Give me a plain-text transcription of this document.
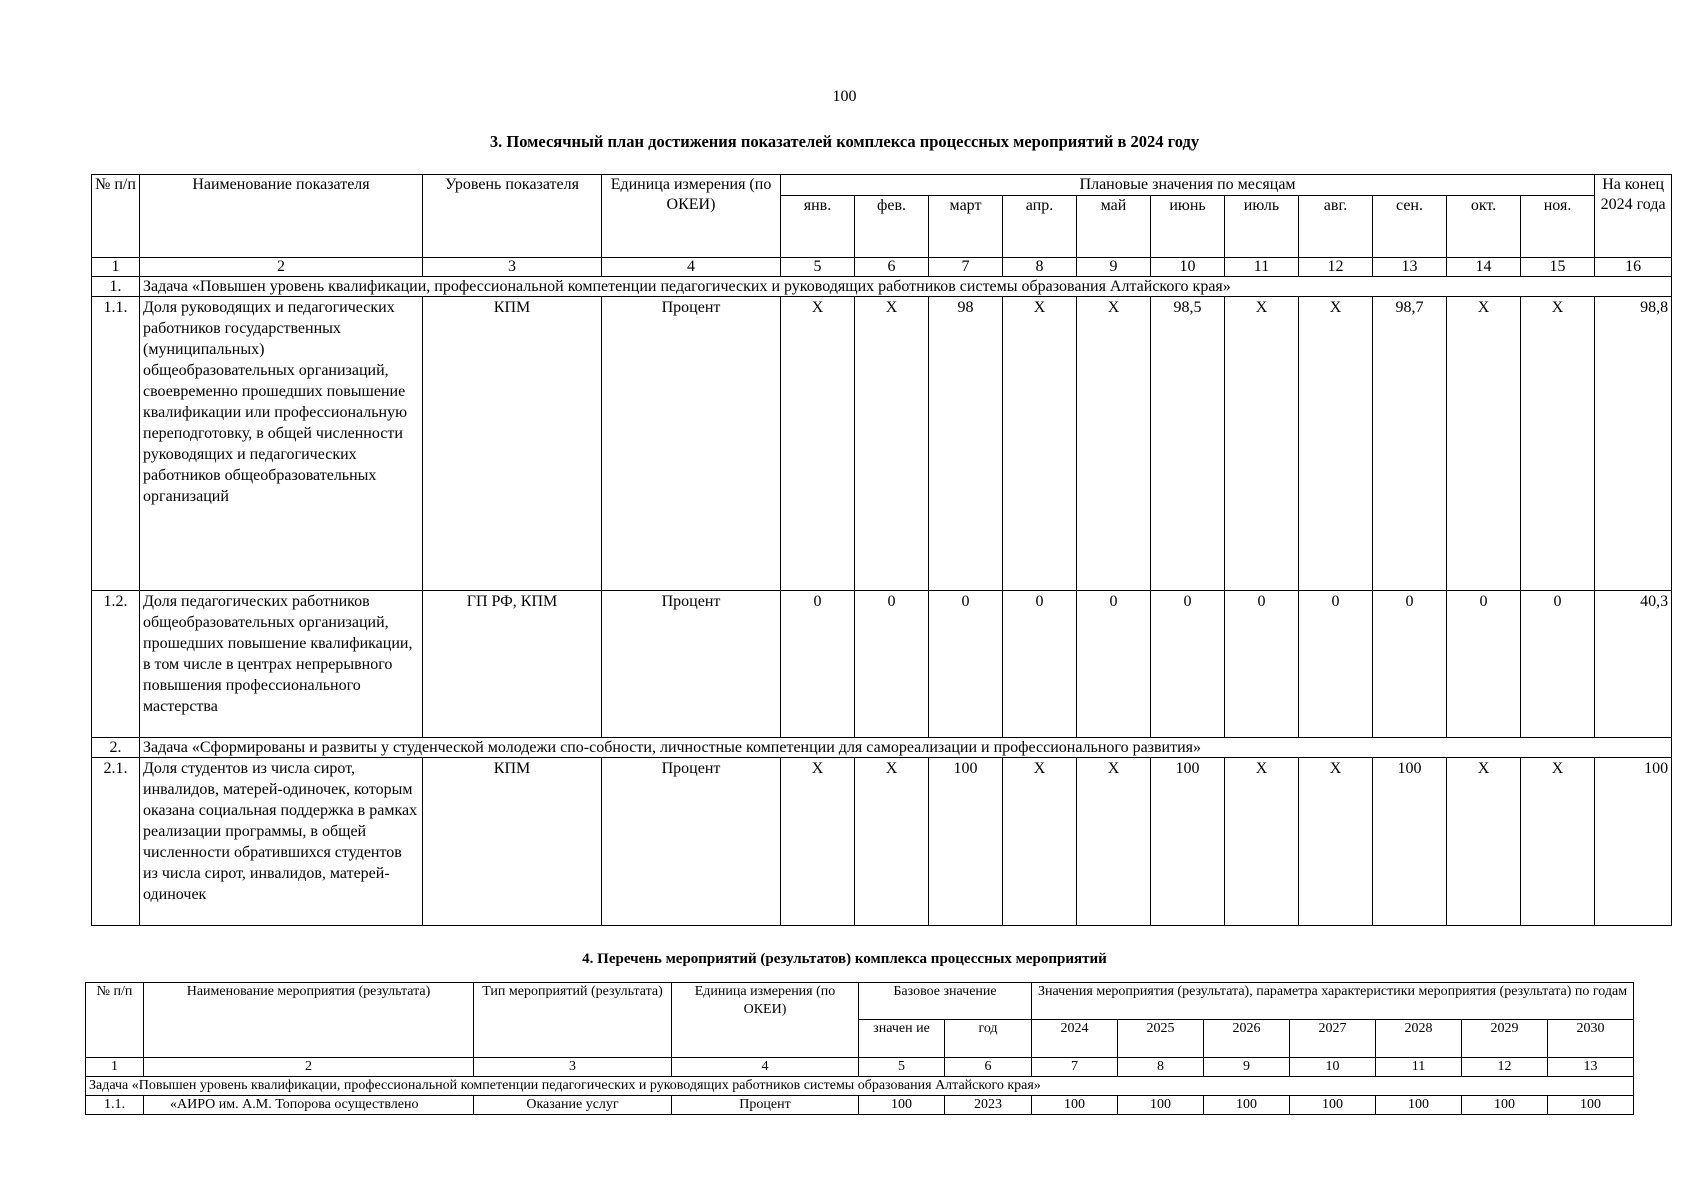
100
3. Помесячный план достижения показателей комплекса процессных мероприятий в 2024 году
№ п/п	Наименование показателя	Уровень показателя	Единица измерения (по ОКЕИ)	Плановые значения по месяцам											На конец 2024 года
				янв.	фев.	март	апр.	май	июнь	июль	авг.	сен.	окт.	ноя.	
1	2	3	4	5	6	7	8	9	10	11	12	13	14	15	16
1.	Задача «Повышен уровень квалификации, профессиональной компетенции педагогических и руководящих работников системы образования Алтайского края»														
1.1.	Доля руководящих и педагогических работников государственных (муниципальных) общеобразовательных организаций, своевременно прошедших повышение квалификации или профессиональную переподготовку, в общей численности руководящих и педагогических работников общеобразовательных организаций	КПМ	Процент	X	X	98	X	X	98,5	X	X	98,7	X	X	98,8
1.2.	Доля педагогических работников общеобразовательных организаций, прошедших повышение квалификации, в том числе в центрах непрерывного повышения профессионального мастерства	ГП РФ, КПМ	Процент	0	0	0	0	0	0	0	0	0	0	0	40,3
2.	Задача «Сформированы и развиты у студенческой молодежи спо-собности, личностные компетенции для самореализации и профессионального развития»														
2.1.	Доля студентов из числа сирот, инвалидов, матерей-одиночек, которым оказана социальная поддержка в рамках реализации программы, в общей численности обратившихся студентов из числа сирот, инвалидов, матерей-одиночек	КПМ	Процент	X	X	100	X	X	100	X	X	100	X	X	100
4. Перечень мероприятий (результатов) комплекса процессных мероприятий
№ п/п	Наименование мероприятия (результата)	Тип мероприятий (результата)	Единица измерения (по ОКЕИ)	Базовое значение		Значения мероприятия (результата), параметра характеристики мероприятия (результата) по годам						
				значен ие	год	2024	2025	2026	2027	2028	2029	2030
1	2	3	4	5	6	7	8	9	10	11	12	13
Задача «Повышен уровень квалификации, профессиональной компетенции педагогических и руководящих работников системы образования Алтайского края»												
1.1.	«АИРО им. А.М. Топорова осуществлено	Оказание услуг	Процент	100	2023	100	100	100	100	100	100	100
